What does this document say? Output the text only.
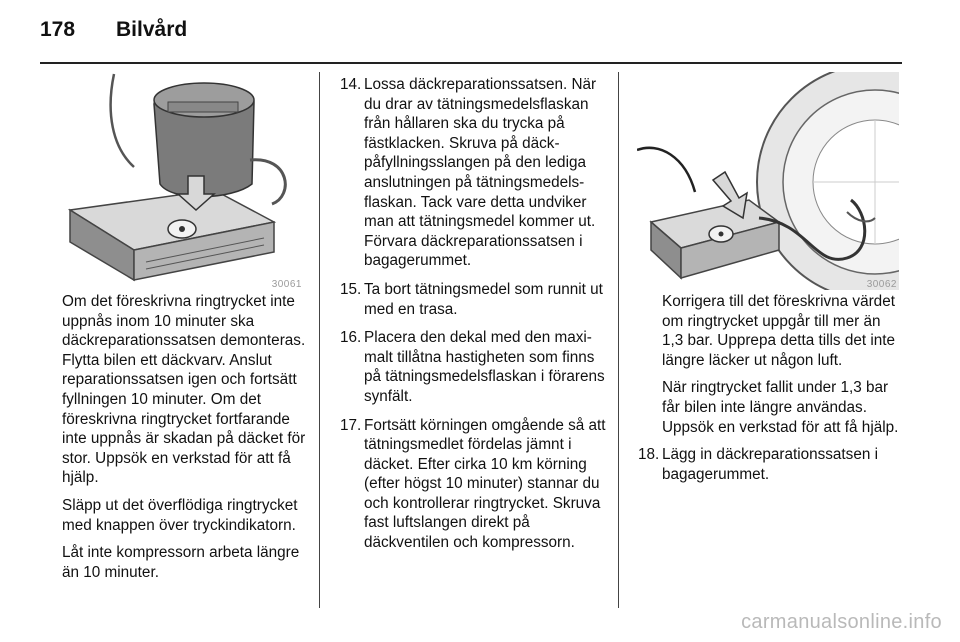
178 Bilvård
30061	30062

Om det föreskrivna ringtrycket inte uppnås inom 10 minuter ska däckreparationssatsen demonteras. Flytta bilen ett däckvarv. Anslut reparationssatsen igen och fortsätt fyllningen 10 minuter. Om det föreskrivna ringtrycket fortfarande inte uppnås är skadan på däcket för stor. Uppsök en verkstad för att få hjälp.

Släpp ut det överflödiga ringtrycket med knappen över tryckindikatorn.

Låt inte kompressorn arbeta längre än 10 minuter.

14. Lossa däckreparationssatsen. När du drar av tätningsmedelsflaskan från hållaren ska du trycka på fästklacken. Skruva på däckpåfyllningsslangen på den lediga anslutningen på tätningsmedelsflaskan. Tack vare detta undviker man att tätningsmedel kommer ut. Förvara däckreparationssatsen i bagagerummet.
15. Ta bort tätningsmedel som runnit ut med en trasa.
16. Placera den dekal med den maximalt tillåtna hastigheten som finns på tätningsmedelsflaskan i förarens synfält.
17. Fortsätt körningen omgående så att tätningsmedlet fördelas jämnt i däcket. Efter cirka 10 km körning (efter högst 10 minuter) stannar du och kontrollerar ringtrycket. Skruva fast luftslangen direkt på däckventilen och kompressorn.

Korrigera till det föreskrivna värdet om ringtrycket uppgår till mer än 1,3 bar. Upprepa detta tills det inte längre läcker ut någon luft.

När ringtrycket fallit under 1,3 bar får bilen inte längre användas. Uppsök en verkstad för att få hjälp.

18. Lägg in däckreparationssatsen i bagagerummet.
carmanualsonline.info
